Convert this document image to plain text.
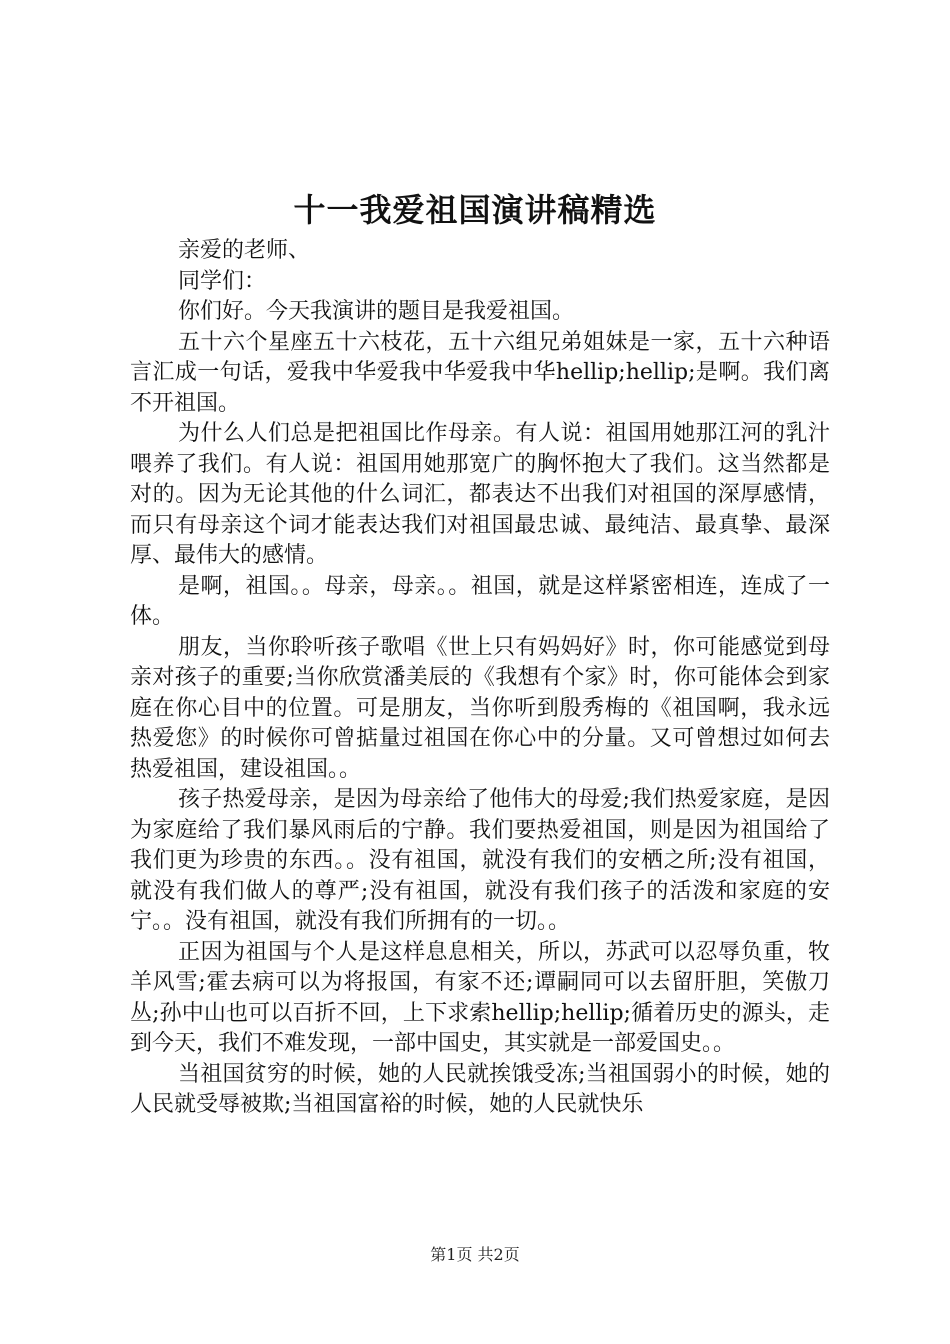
十一我爱祖国演讲稿精选

亲爱的老师、

同学们：

你们好。今天我演讲的题目是我爱祖国。

五十六个星座五十六枝花，五十六组兄弟姐妹是一家，五十六种语言汇成一句话，爱我中华爱我中华爱我中华hellip;hellip;是啊。我们离不开祖国。

为什么人们总是把祖国比作母亲。有人说：祖国用她那江河的乳汁喂养了我们。有人说：祖国用她那宽广的胸怀抱大了我们。这当然都是对的。因为无论其他的什么词汇，都表达不出我们对祖国的深厚感情，而只有母亲这个词才能表达我们对祖国最忠诚、最纯洁、最真挚、最深厚、最伟大的感情。

是啊，祖国。。母亲，母亲。。祖国，就是这样紧密相连，连成了一体。

朋友，当你聆听孩子歌唱《世上只有妈妈好》时，你可能感觉到母亲对孩子的重要;当你欣赏潘美辰的《我想有个家》时，你可能体会到家庭在你心目中的位置。可是朋友，当你听到殷秀梅的《祖国啊，我永远热爱您》的时候你可曾掂量过祖国在你心中的分量。又可曾想过如何去热爱祖国，建设祖国。。

孩子热爱母亲，是因为母亲给了他伟大的母爱;我们热爱家庭，是因为家庭给了我们暴风雨后的宁静。我们要热爱祖国，则是因为祖国给了我们更为珍贵的东西。。没有祖国，就没有我们的安栖之所;没有祖国，就没有我们做人的尊严;没有祖国，就没有我们孩子的活泼和家庭的安宁。。没有祖国，就没有我们所拥有的一切。。

正因为祖国与个人是这样息息相关，所以，苏武可以忍辱负重，牧羊风雪;霍去病可以为将报国，有家不还;谭嗣同可以去留肝胆，笑傲刀丛;孙中山也可以百折不回，上下求索hellip;hellip;循着历史的源头，走到今天，我们不难发现，一部中国史，其实就是一部爱国史。。

当祖国贫穷的时候，她的人民就挨饿受冻;当祖国弱小的时候，她的人民就受辱被欺;当祖国富裕的时候，她的人民就快乐

第1页 共2页
